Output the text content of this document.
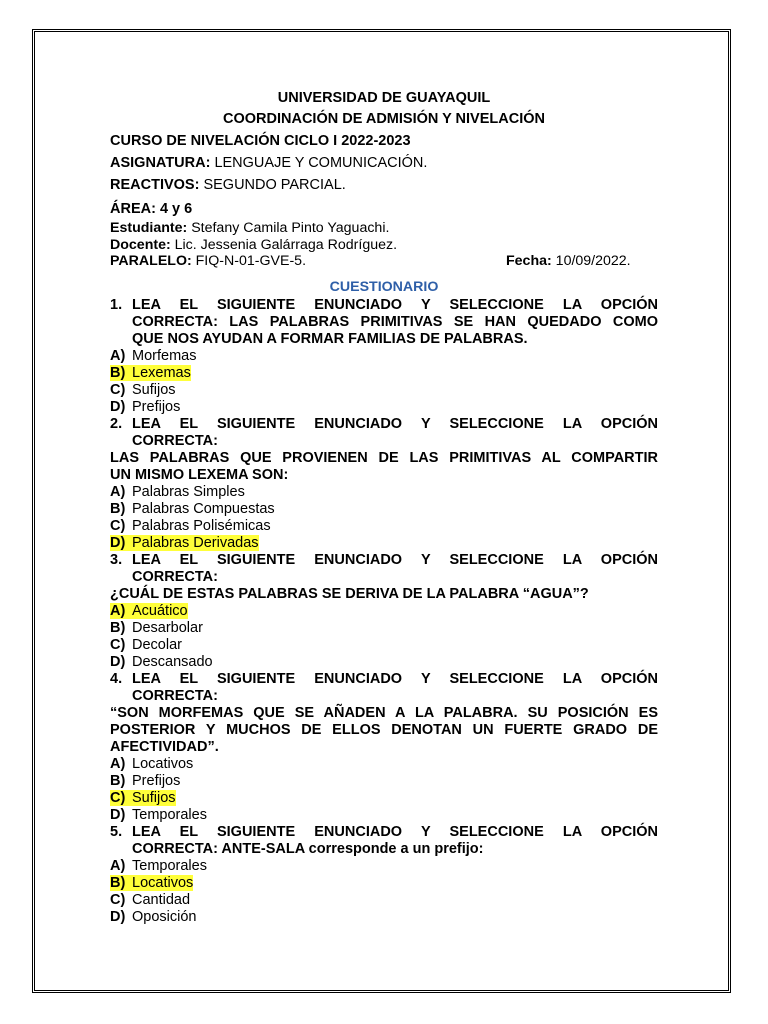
UNIVERSIDAD DE GUAYAQUIL
COORDINACIÓN DE ADMISIÓN Y NIVELACIÓN
CURSO DE NIVELACIÓN CICLO I 2022-2023
ASIGNATURA: LENGUAJE Y COMUNICACIÓN.
REACTIVOS: SEGUNDO PARCIAL.
ÁREA: 4 y 6
Estudiante: Stefany Camila Pinto Yaguachi.
Docente: Lic. Jessenia Galárraga Rodríguez.
PARALELO: FIQ-N-01-GVE-5.	Fecha: 10/09/2022.
CUESTIONARIO
1. LEA EL SIGUIENTE ENUNCIADO Y SELECCIONE LA OPCIÓN
CORRECTA: LAS PALABRAS PRIMITIVAS SE HAN QUEDADO COMO
QUE NOS AYUDAN A FORMAR FAMILIAS DE PALABRAS.
A) Morfemas
B) Lexemas
C) Sufijos
D) Prefijos
2. LEA EL SIGUIENTE ENUNCIADO Y SELECCIONE LA OPCIÓN
CORRECTA:
LAS PALABRAS QUE PROVIENEN DE LAS PRIMITIVAS AL COMPARTIR
UN MISMO LEXEMA SON:
A) Palabras Simples
B) Palabras Compuestas
C) Palabras Polisémicas
D) Palabras Derivadas
3. LEA EL SIGUIENTE ENUNCIADO Y SELECCIONE LA OPCIÓN
CORRECTA:
¿CUÁL DE ESTAS PALABRAS SE DERIVA DE LA PALABRA “AGUA”?
A) Acuático
B) Desarbolar
C) Decolar
D) Descansado
4. LEA EL SIGUIENTE ENUNCIADO Y SELECCIONE LA OPCIÓN
CORRECTA:
“SON MORFEMAS QUE SE AÑADEN A LA PALABRA. SU POSICIÓN ES
POSTERIOR Y MUCHOS DE ELLOS DENOTAN UN FUERTE GRADO DE
AFECTIVIDAD”.
A) Locativos
B) Prefijos
C) Sufijos
D) Temporales
5. LEA EL SIGUIENTE ENUNCIADO Y SELECCIONE LA OPCIÓN
CORRECTA: ANTE-SALA corresponde a un prefijo:
A) Temporales
B) Locativos
C) Cantidad
D) Oposición
